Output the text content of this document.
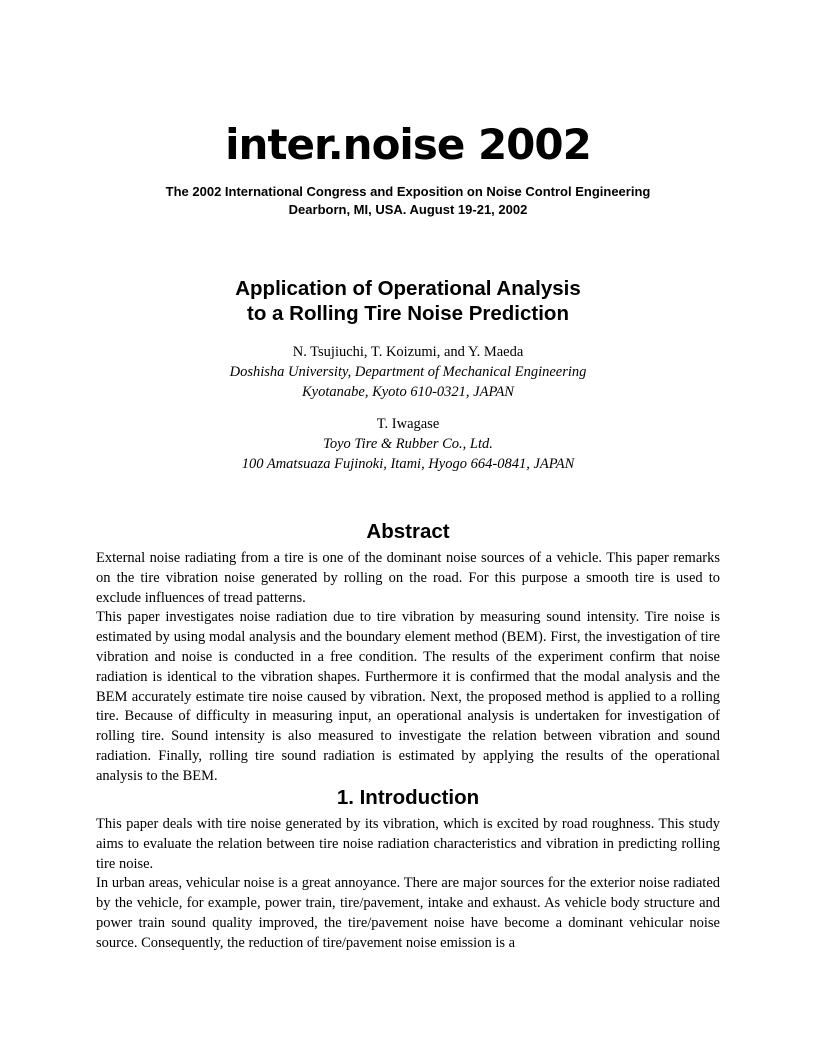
inter.noise 2002
The 2002 International Congress and Exposition on Noise Control Engineering
Dearborn, MI, USA. August 19-21, 2002
Application of Operational Analysis
to a Rolling Tire Noise Prediction
N. Tsujiuchi, T. Koizumi, and Y. Maeda
Doshisha University, Department of Mechanical Engineering
Kyotanabe, Kyoto 610-0321, JAPAN
T. Iwagase
Toyo Tire & Rubber Co., Ltd.
100 Amatsuaza Fujinoki, Itami, Hyogo 664-0841, JAPAN
Abstract

External noise radiating from a tire is one of the dominant noise sources of a vehicle. This paper remarks on the tire vibration noise generated by rolling on the road. For this purpose a smooth tire is used to exclude influences of tread patterns.

This paper investigates noise radiation due to tire vibration by measuring sound intensity. Tire noise is estimated by using modal analysis and the boundary element method (BEM). First, the investigation of tire vibration and noise is conducted in a free condition. The results of the experiment confirm that noise radiation is identical to the vibration shapes. Furthermore it is confirmed that the modal analysis and the BEM accurately estimate tire noise caused by vibration. Next, the proposed method is applied to a rolling tire. Because of difficulty in measuring input, an operational analysis is undertaken for investigation of rolling tire. Sound intensity is also measured to investigate the relation between vibration and sound radiation. Finally, rolling tire sound radiation is estimated by applying the results of the operational analysis to the BEM.

1. Introduction

This paper deals with tire noise generated by its vibration, which is excited by road roughness. This study aims to evaluate the relation between tire noise radiation characteristics and vibration in predicting rolling tire noise.

In urban areas, vehicular noise is a great annoyance. There are major sources for the exterior noise radiated by the vehicle, for example, power train, tire/pavement, intake and exhaust. As vehicle body structure and power train sound quality improved, the tire/pavement noise have become a dominant vehicular noise source. Consequently, the reduction of tire/pavement noise emission is a
